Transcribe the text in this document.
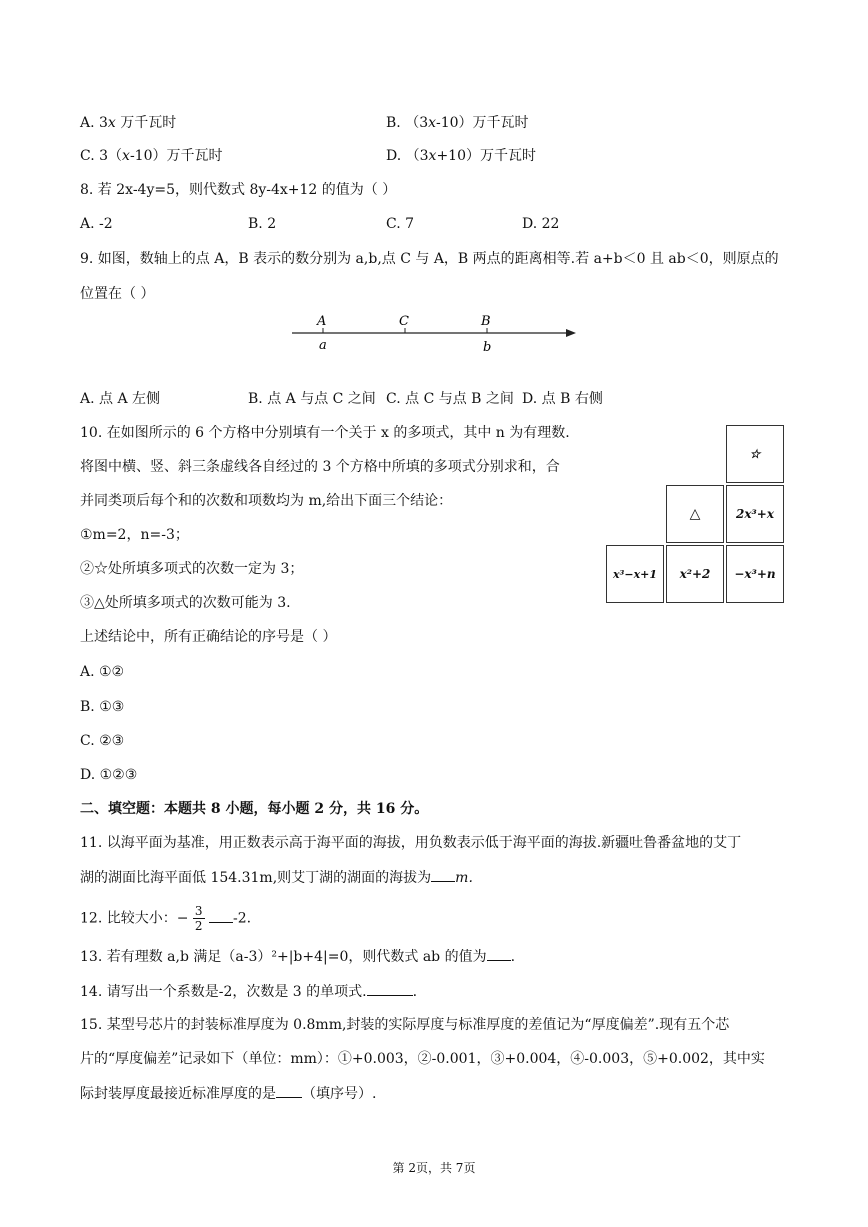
A. 3x 万千瓦时	B. （3x-10）万千瓦时
C. 3（x-10）万千瓦时	D. （3x+10）万千瓦时
8. 若 2x-4y=5，则代数式 8y-4x+12 的值为（ ）
A. -2	B. 2	C. 7	D. 22
9. 如图，数轴上的点 A，B 表示的数分别为 a,b,点 C 与 A，B 两点的距离相等.若 a+b＜0 且 ab＜0，则原点的
位置在（ ）
A	C	B
a	b
A. 点 A 左侧	B. 点 A 与点 C 之间 C. 点 C 与点 B 之间 D. 点 B 右侧
10. 在如图所示的 6 个方格中分别填有一个关于 x 的多项式，其中 n 为有理数.
将图中横、竖、斜三条虚线各自经过的 3 个方格中所填的多项式分别求和，合
并同类项后每个和的次数和项数均为 m,给出下面三个结论：
①m=2，n=-3；
②☆处所填多项式的次数一定为 3；
③△处所填多项式的次数可能为 3.
上述结论中，所有正确结论的序号是（ ）
A. ①②
B. ①③
C. ②③
D. ①②③
☆
△	2x³+x
x³−x+1	x²+2	−x³+n
二、填空题：本题共 8 小题，每小题 2 分，共 16 分。
11. 以海平面为基准，用正数表示高于海平面的海拔，用负数表示低于海平面的海拔.新疆吐鲁番盆地的艾丁
湖的湖面比海平面低 154.31m,则艾丁湖的湖面的海拔为 m.
12. 比较大小：− $\frac{3}{2} -2$.
13. 若有理数 a,b 满足（a-3）²+|b+4|=0，则代数式 ab 的值为 .
14. 请写出一个系数是-2，次数是 3 的单项式.	.
15. 某型号芯片的封装标准厚度为 0.8mm,封装的实际厚度与标准厚度的差值记为“厚度偏差”.现有五个芯
片的“厚度偏差”记录如下（单位：mm）：①+0.003，②-0.001，③+0.004，④-0.003，⑤+0.002，其中实
际封装厚度最接近标准厚度的是 （填序号）.
第 2页，共 7页
